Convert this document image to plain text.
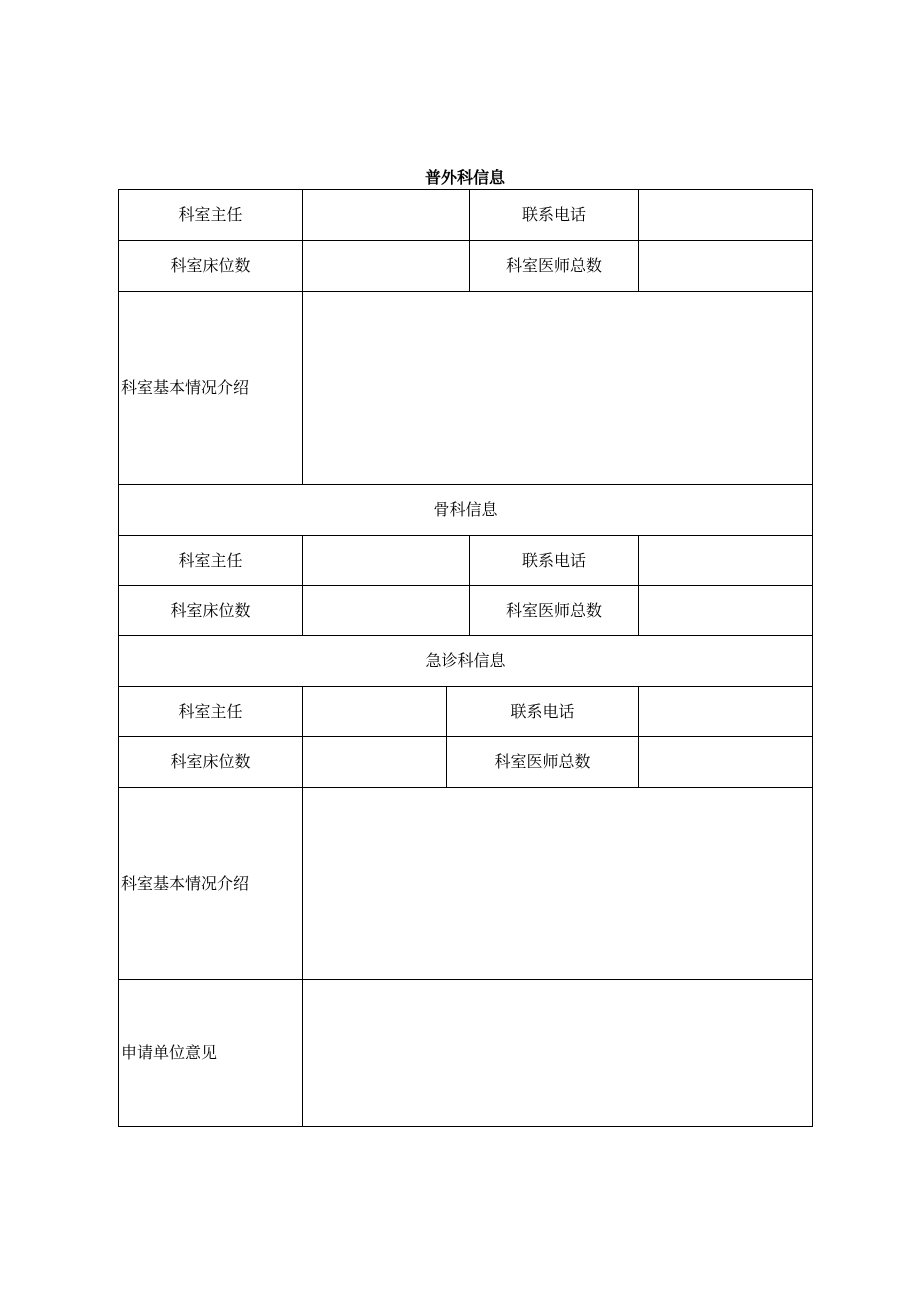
普外科信息
科室主任	联系电话
科室床位数	科室医师总数
科室基本情况介绍
骨科信息
科室主任	联系电话
科室床位数	科室医师总数
急诊科信息
科室主任	联系电话
科室床位数	科室医师总数
科室基本情况介绍
申请单位意见
